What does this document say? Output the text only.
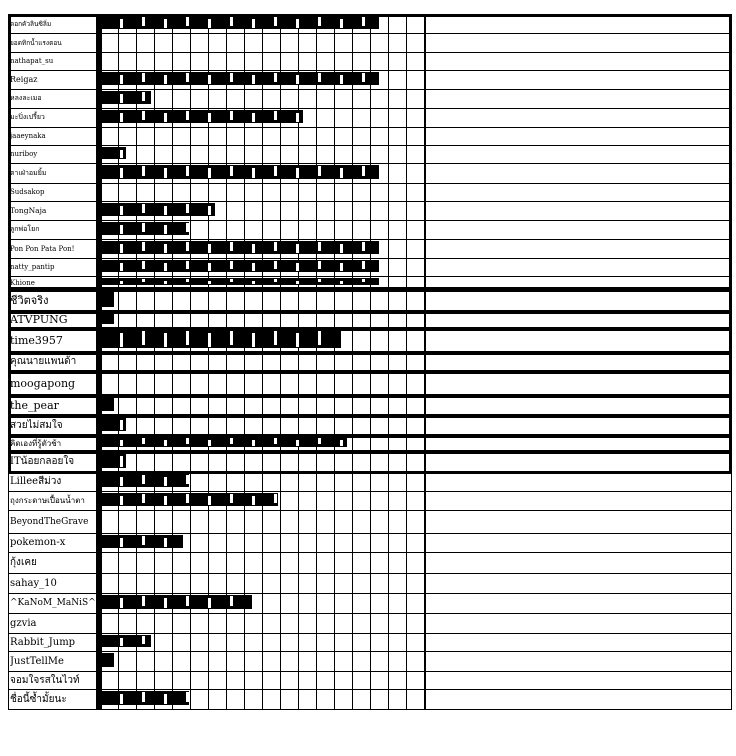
ดอกคัวลินซิลิ่ม
ยอดทิกน้ำแรงตอน
nathapat_su
Reigaz
หลงละเมอ
มะปิ่งเปรี้ยว
jaaeynaka
nuriboy
ตาเฝ่าอมยิ้ม
Sudsakop
TongNaja
ลูกพ่อโยก
Pon Pon Pata Pon!
natty_pantip
Khione
ชีวิตจริง
ATVPUNG
time3957
คุณนายแพนด้า
moogapong
the_pear
สวยไม่สมใจ
คิดเองที่รู้ตัวช้า
ITน้อยกลอยใจ
Lilleeสีม่วง
ถุงกระดาษเปื้อนน้ำตา
BeyondTheGrave
pokemon-x
กุ้งเคย
sahay_10
^KaNoM_MaNiS^
gzvia
Rabbit_Jump
JustTellMe
จอมใจรสในไวท์
ชื่อนี้ซ้ำมั้ยนะ
